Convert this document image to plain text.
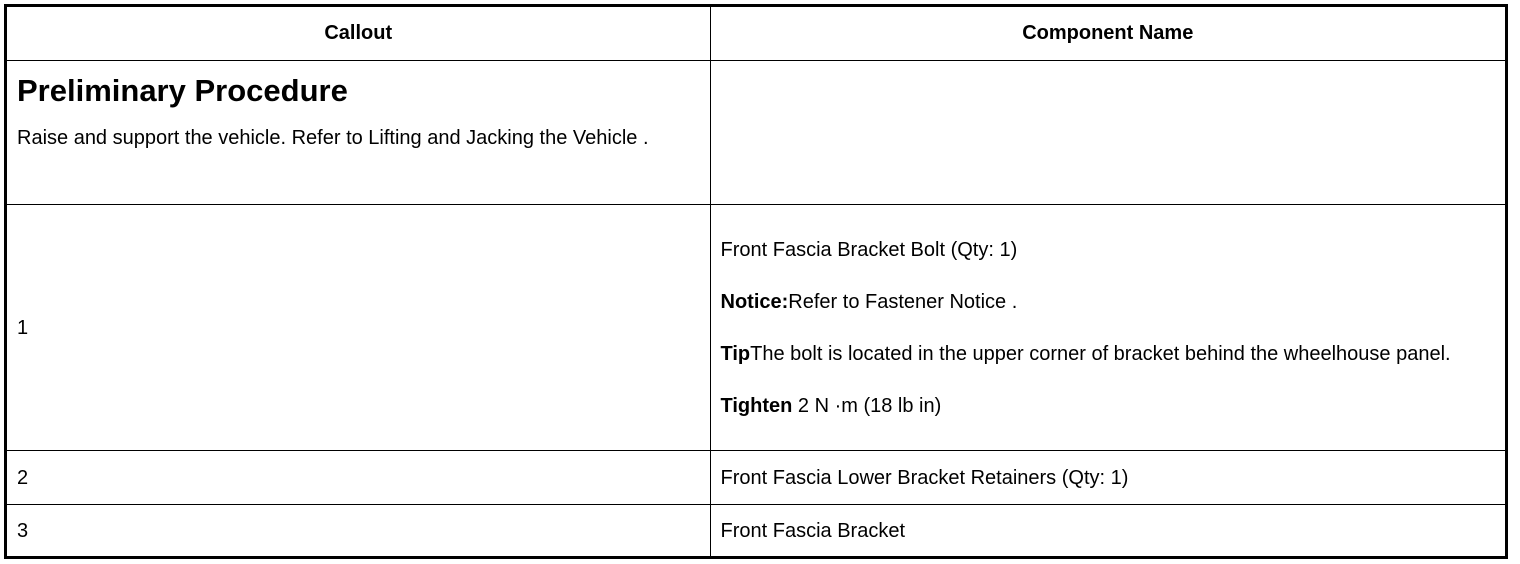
Callout	Component Name

Preliminary Procedure

Raise and support the vehicle. Refer to Lifting and Jacking the Vehicle .	

1	Front Fascia Bracket Bolt (Qty: 1)

Notice:Refer to Fastener Notice .

TipThe bolt is located in the upper corner of bracket behind the wheelhouse panel.

Tighten 2 N ·m (18 lb in)

2	Front Fascia Lower Bracket Retainers (Qty: 1)
3	Front Fascia Bracket
